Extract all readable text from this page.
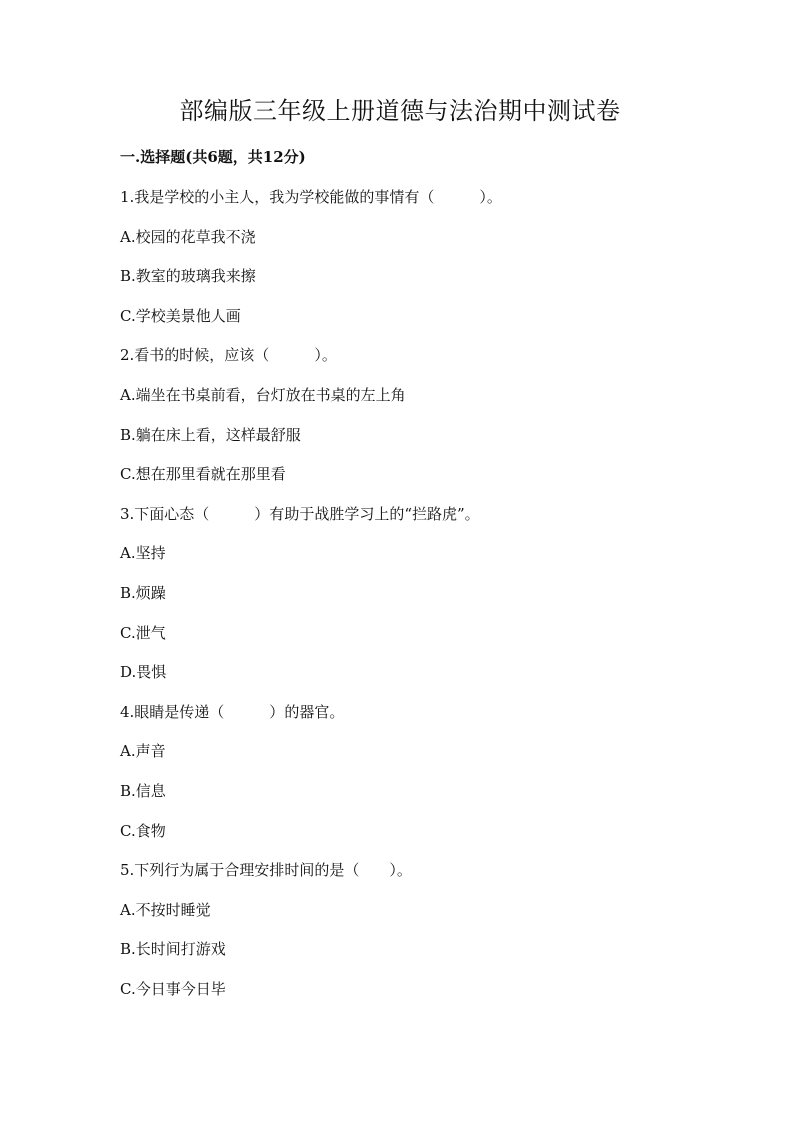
部编版三年级上册道德与法治期中测试卷
一.选择题(共6题，共12分)
1.我是学校的小主人，我为学校能做的事情有（　　　）。
A.校园的花草我不浇
B.教室的玻璃我来擦
C.学校美景他人画
2.看书的时候，应该（　　　）。
A.端坐在书桌前看，台灯放在书桌的左上角
B.躺在床上看，这样最舒服
C.想在那里看就在那里看
3.下面心态（　　　）有助于战胜学习上的“拦路虎”。
A.坚持
B.烦躁
C.泄气
D.畏惧
4.眼睛是传递（　　　）的器官。
A.声音
B.信息
C.食物
5.下列行为属于合理安排时间的是（　　）。
A.不按时睡觉
B.长时间打游戏
C.今日事今日毕
